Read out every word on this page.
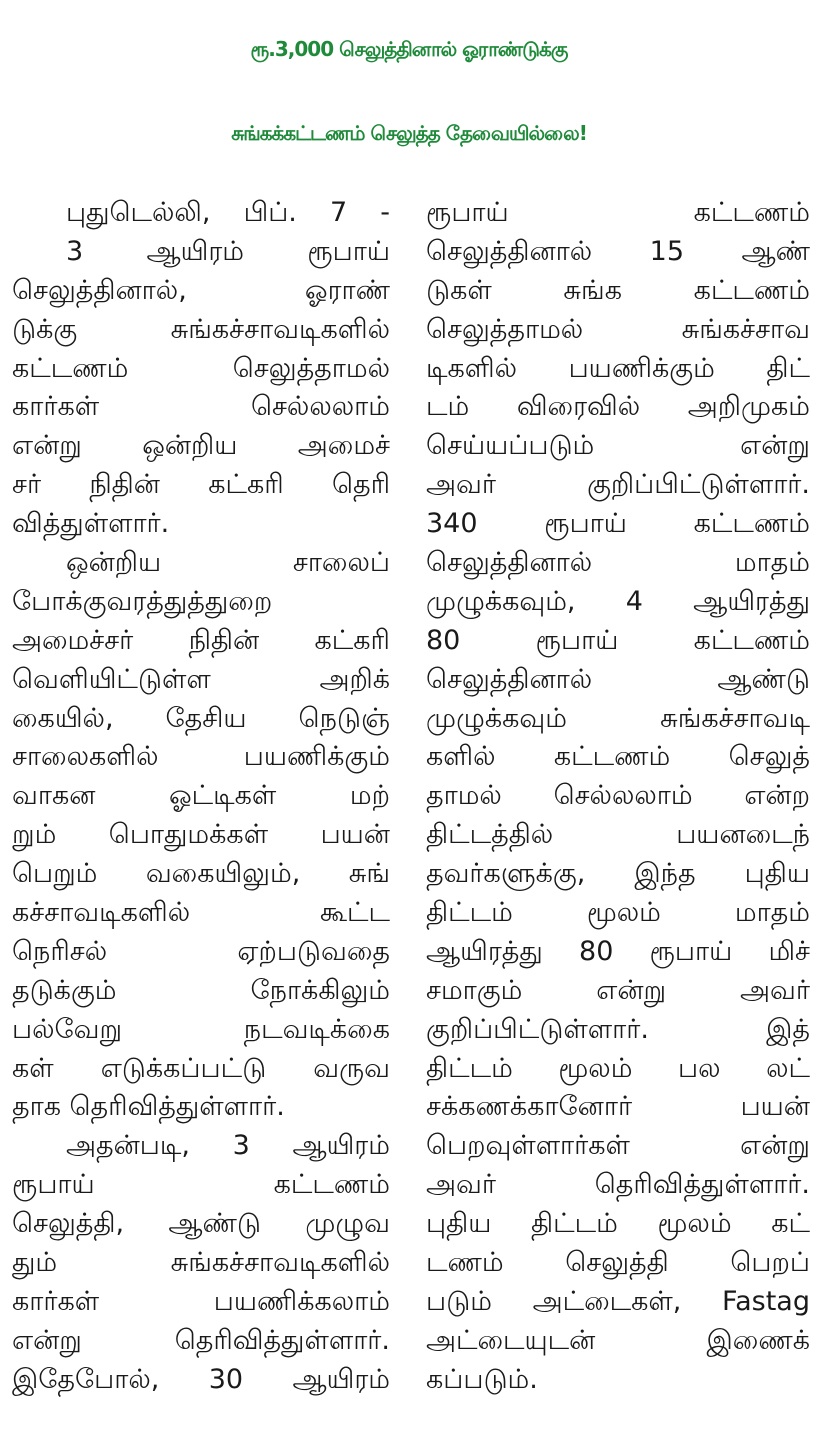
ரூ.3,000 செலுத்தினால் ஓராண்டுக்கு
சுங்கக்கட்டணம் செலுத்த தேவையில்லை!
புதுடெல்லி, பிப். 7 -
3 ஆயிரம் ரூபாய்
செலுத்தினால், ஓராண்
டுக்கு சுங்கச்சாவடிகளில்
கட்டணம் செலுத்தாமல்
கார்கள் செல்லலாம்
என்று ஒன்றிய அமைச்
சர் நிதின் கட்கரி தெரி
வித்துள்ளார்.
ஒன்றிய சாலைப்
போக்குவரத்துத்துறை
அமைச்சர் நிதின் கட்கரி
வெளியிட்டுள்ள அறிக்
கையில், தேசிய நெடுஞ்
சாலைகளில் பயணிக்கும்
வாகன ஓட்டிகள் மற்
றும் பொதுமக்கள் பயன்
பெறும் வகையிலும், சுங்
கச்சாவடிகளில் கூட்ட
நெரிசல் ஏற்படுவதை
தடுக்கும் நோக்கிலும்
பல்வேறு நடவடிக்கை
கள் எடுக்கப்பட்டு வருவ
தாக தெரிவித்துள்ளார்.
அதன்படி, 3 ஆயிரம்
ரூபாய் கட்டணம்
செலுத்தி, ஆண்டு முழுவ
தும் சுங்கச்சாவடிகளில்
கார்கள் பயணிக்கலாம்
என்று தெரிவித்துள்ளார்.
இதேபோல், 30 ஆயிரம்
ரூபாய் கட்டணம்
செலுத்தினால் 15 ஆண்
டுகள் சுங்க கட்டணம்
செலுத்தாமல் சுங்கச்சாவ
டிகளில் பயணிக்கும் திட்
டம் விரைவில் அறிமுகம்
செய்யப்படும் என்று
அவர் குறிப்பிட்டுள்ளார்.
340 ரூபாய் கட்டணம்
செலுத்தினால் மாதம்
முழுக்கவும், 4 ஆயிரத்து
80 ரூபாய் கட்டணம்
செலுத்தினால் ஆண்டு
முழுக்கவும் சுங்கச்சாவடி
களில் கட்டணம் செலுத்
தாமல் செல்லலாம் என்ற
திட்டத்தில் பயனடைந்
தவர்களுக்கு, இந்த புதிய
திட்டம் மூலம் மாதம்
ஆயிரத்து 80 ரூபாய் மிச்
சமாகும் என்று அவர்
குறிப்பிட்டுள்ளார். இத்
திட்டம் மூலம் பல லட்
சக்கணக்கானோர் பயன்
பெறவுள்ளார்கள் என்று
அவர் தெரிவித்துள்ளார்.
புதிய திட்டம் மூலம் கட்
டணம் செலுத்தி பெறப்
படும் அட்டைகள், Fastag
அட்டையுடன் இணைக்
கப்படும்.
